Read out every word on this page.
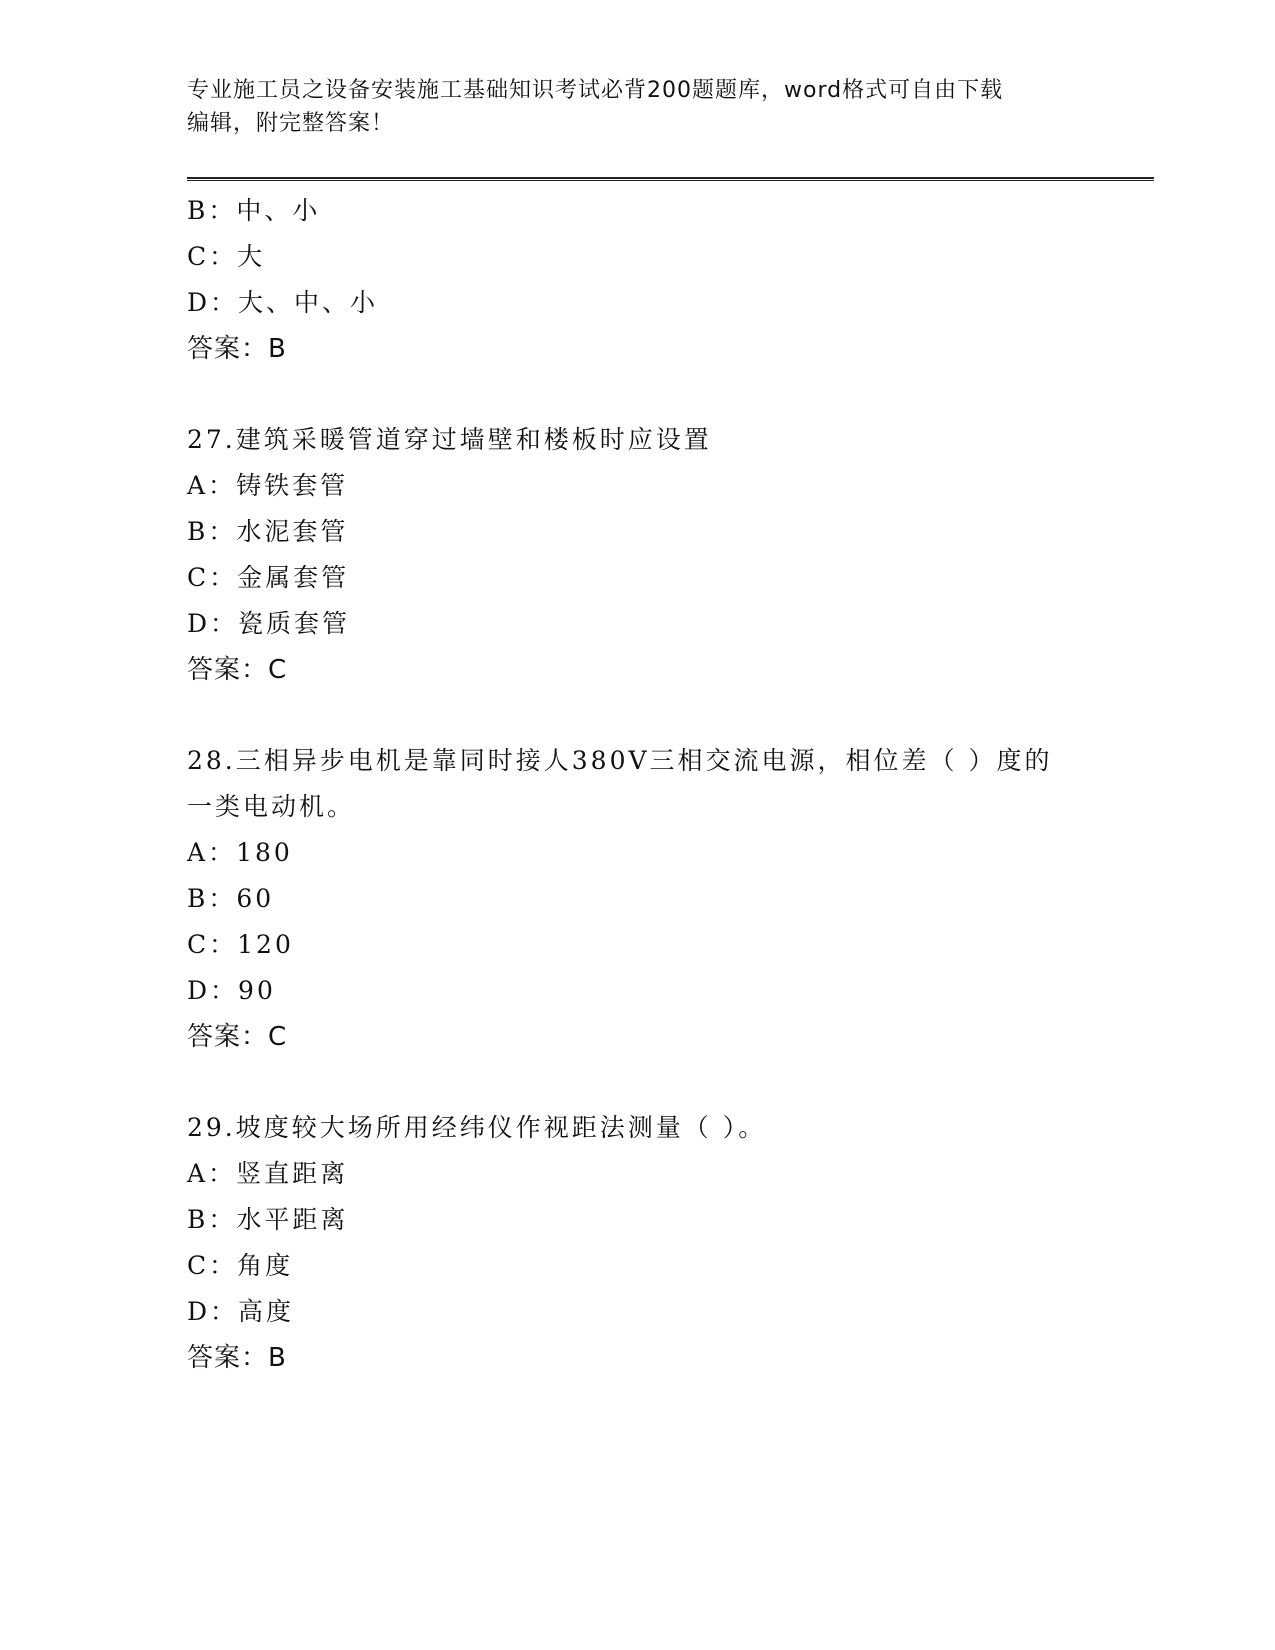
专业施工员之设备安装施工基础知识考试必背200题题库，word格式可自由下载
编辑，附完整答案！
B：中、小
C：大
D：大、中、小
答案：B
27.建筑采暖管道穿过墙壁和楼板时应设置
A：铸铁套管
B：水泥套管
C：金属套管
D：瓷质套管
答案：C
28.三相异步电机是靠同时接人380V三相交流电源，相位差（ ）度的
一类电动机。
A：180
B：60
C：120
D：90
答案：C
29.坡度较大场所用经纬仪作视距法测量（ ）。
A：竖直距离
B：水平距离
C：角度
D：高度
答案：B
